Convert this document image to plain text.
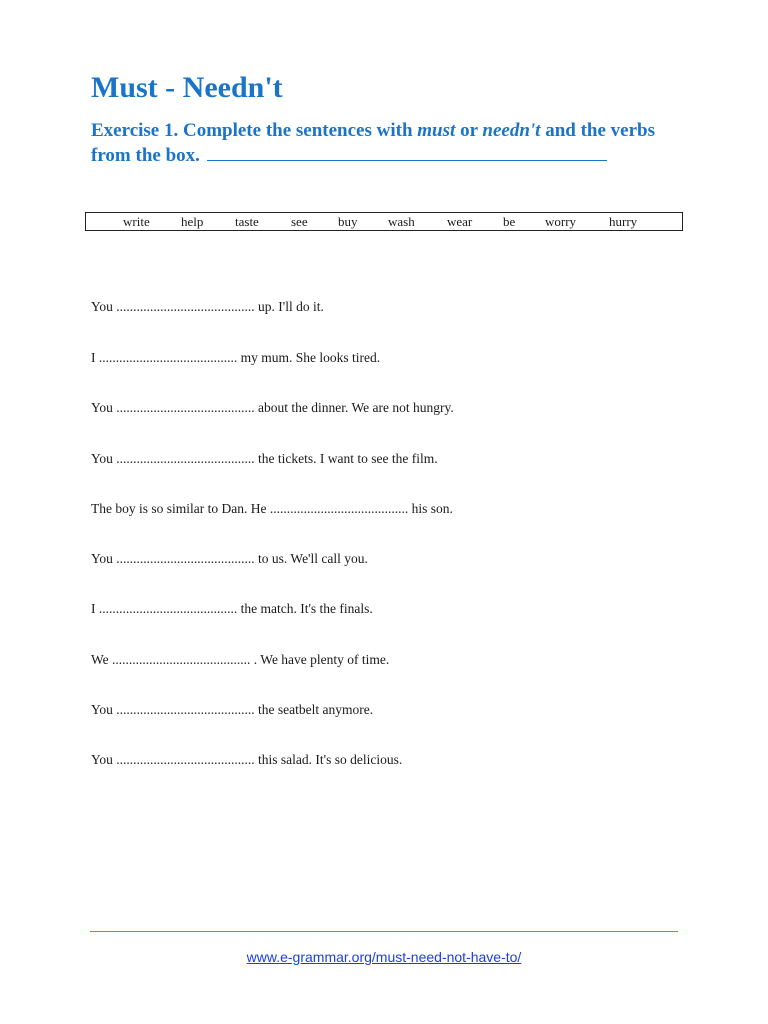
Must - Needn't
Exercise 1. Complete the sentences with must or needn't and the verbs from the box.
write help taste see buy wash wear be worry	hurry
You ......................................... up. I'll do it.
I ......................................... my mum. She looks tired.
You ......................................... about the dinner. We are not hungry.
You ......................................... the tickets. I want to see the film.
The boy is so similar to Dan. He ......................................... his son.
You ......................................... to us. We'll call you.
I ......................................... the match. It's the finals.
We ......................................... . We have plenty of time.
You ......................................... the seatbelt anymore.
You ......................................... this salad. It's so delicious.
www.e-grammar.org/must-need-not-have-to/
